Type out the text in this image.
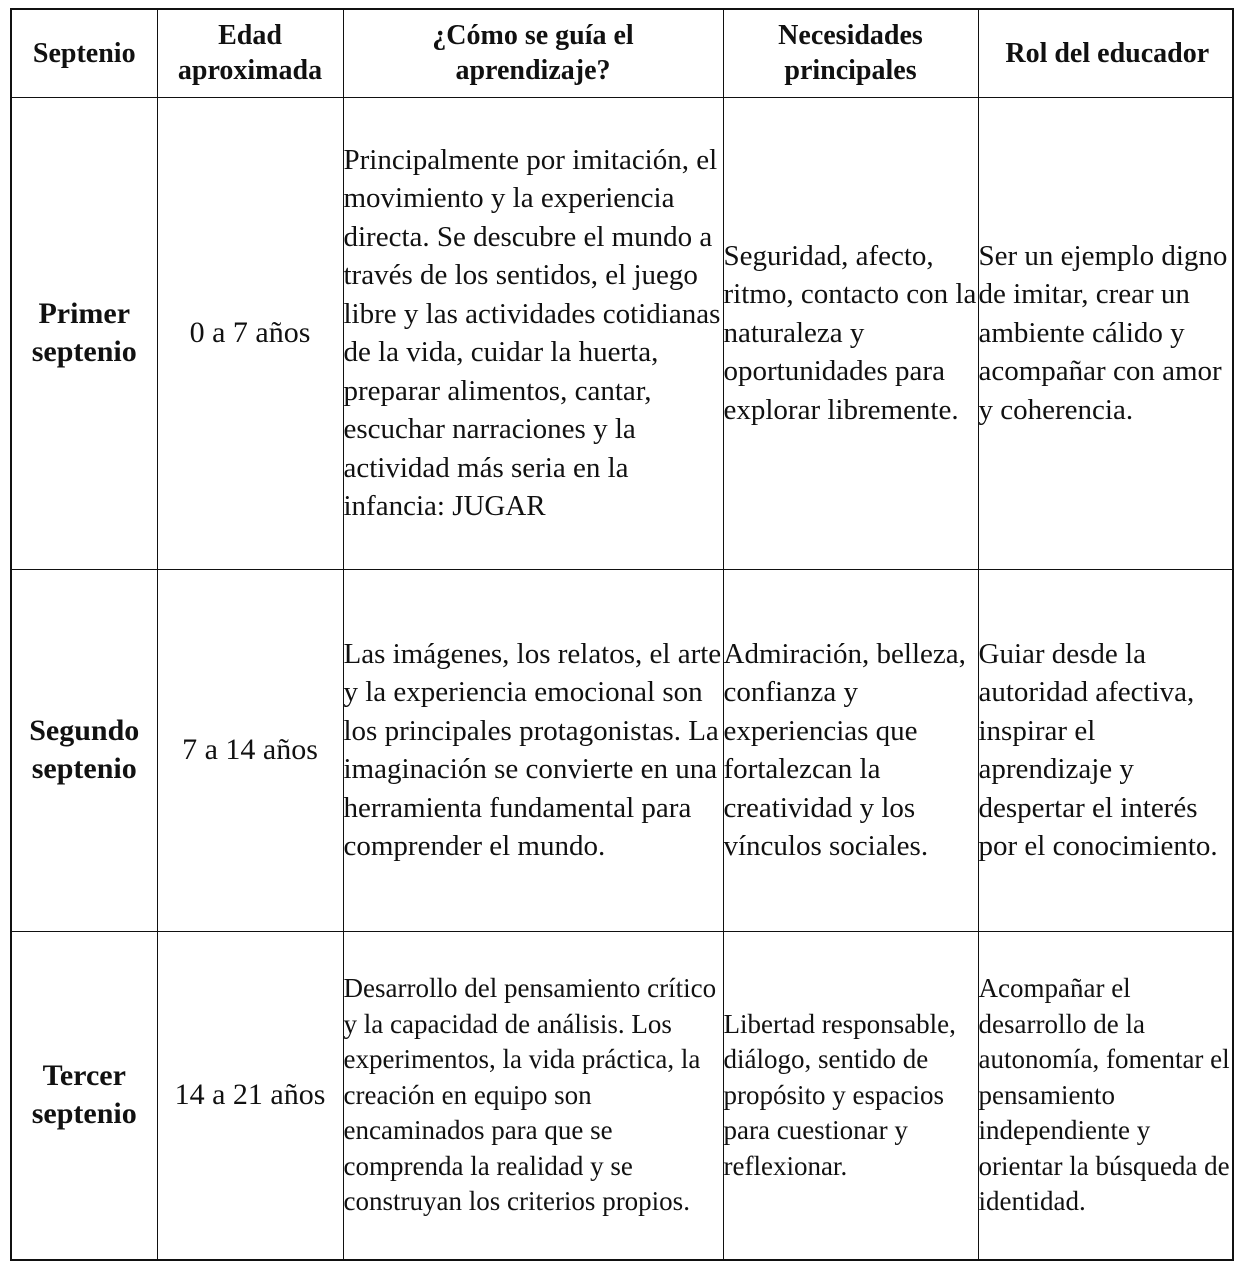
Septenio	Edad aproximada	¿Cómo se guía el aprendizaje?	Necesidades principales	Rol del educador
Primer septenio	0 a 7 años	Principalmente por imitación, el movimiento y la experiencia directa. Se descubre el mundo a través de los sentidos, el juego libre y las actividades cotidianas de la vida, cuidar la huerta, preparar alimentos, cantar, escuchar narraciones y la actividad más seria en la infancia: JUGAR	Seguridad, afecto, ritmo, contacto con la naturaleza y oportunidades para explorar libremente.	Ser un ejemplo digno de imitar, crear un ambiente cálido y acompañar con amor y coherencia.
Segundo septenio	7 a 14 años	Las imágenes, los relatos, el arte y la experiencia emocional son los principales protagonistas. La imaginación se convierte en una herramienta fundamental para comprender el mundo.	Admiración, belleza, confianza y experiencias que fortalezcan la creatividad y los vínculos sociales.	Guiar desde la autoridad afectiva, inspirar el aprendizaje y despertar el interés por el conocimiento.
Tercer septenio	14 a 21 años	Desarrollo del pensamiento crítico y la capacidad de análisis. Los experimentos, la vida práctica, la creación en equipo son encaminados para que se comprenda la realidad y se construyan los criterios propios.	Libertad responsable, diálogo, sentido de propósito y espacios para cuestionar y reflexionar.	Acompañar el desarrollo de la autonomía, fomentar el pensamiento independiente y orientar la búsqueda de identidad.
